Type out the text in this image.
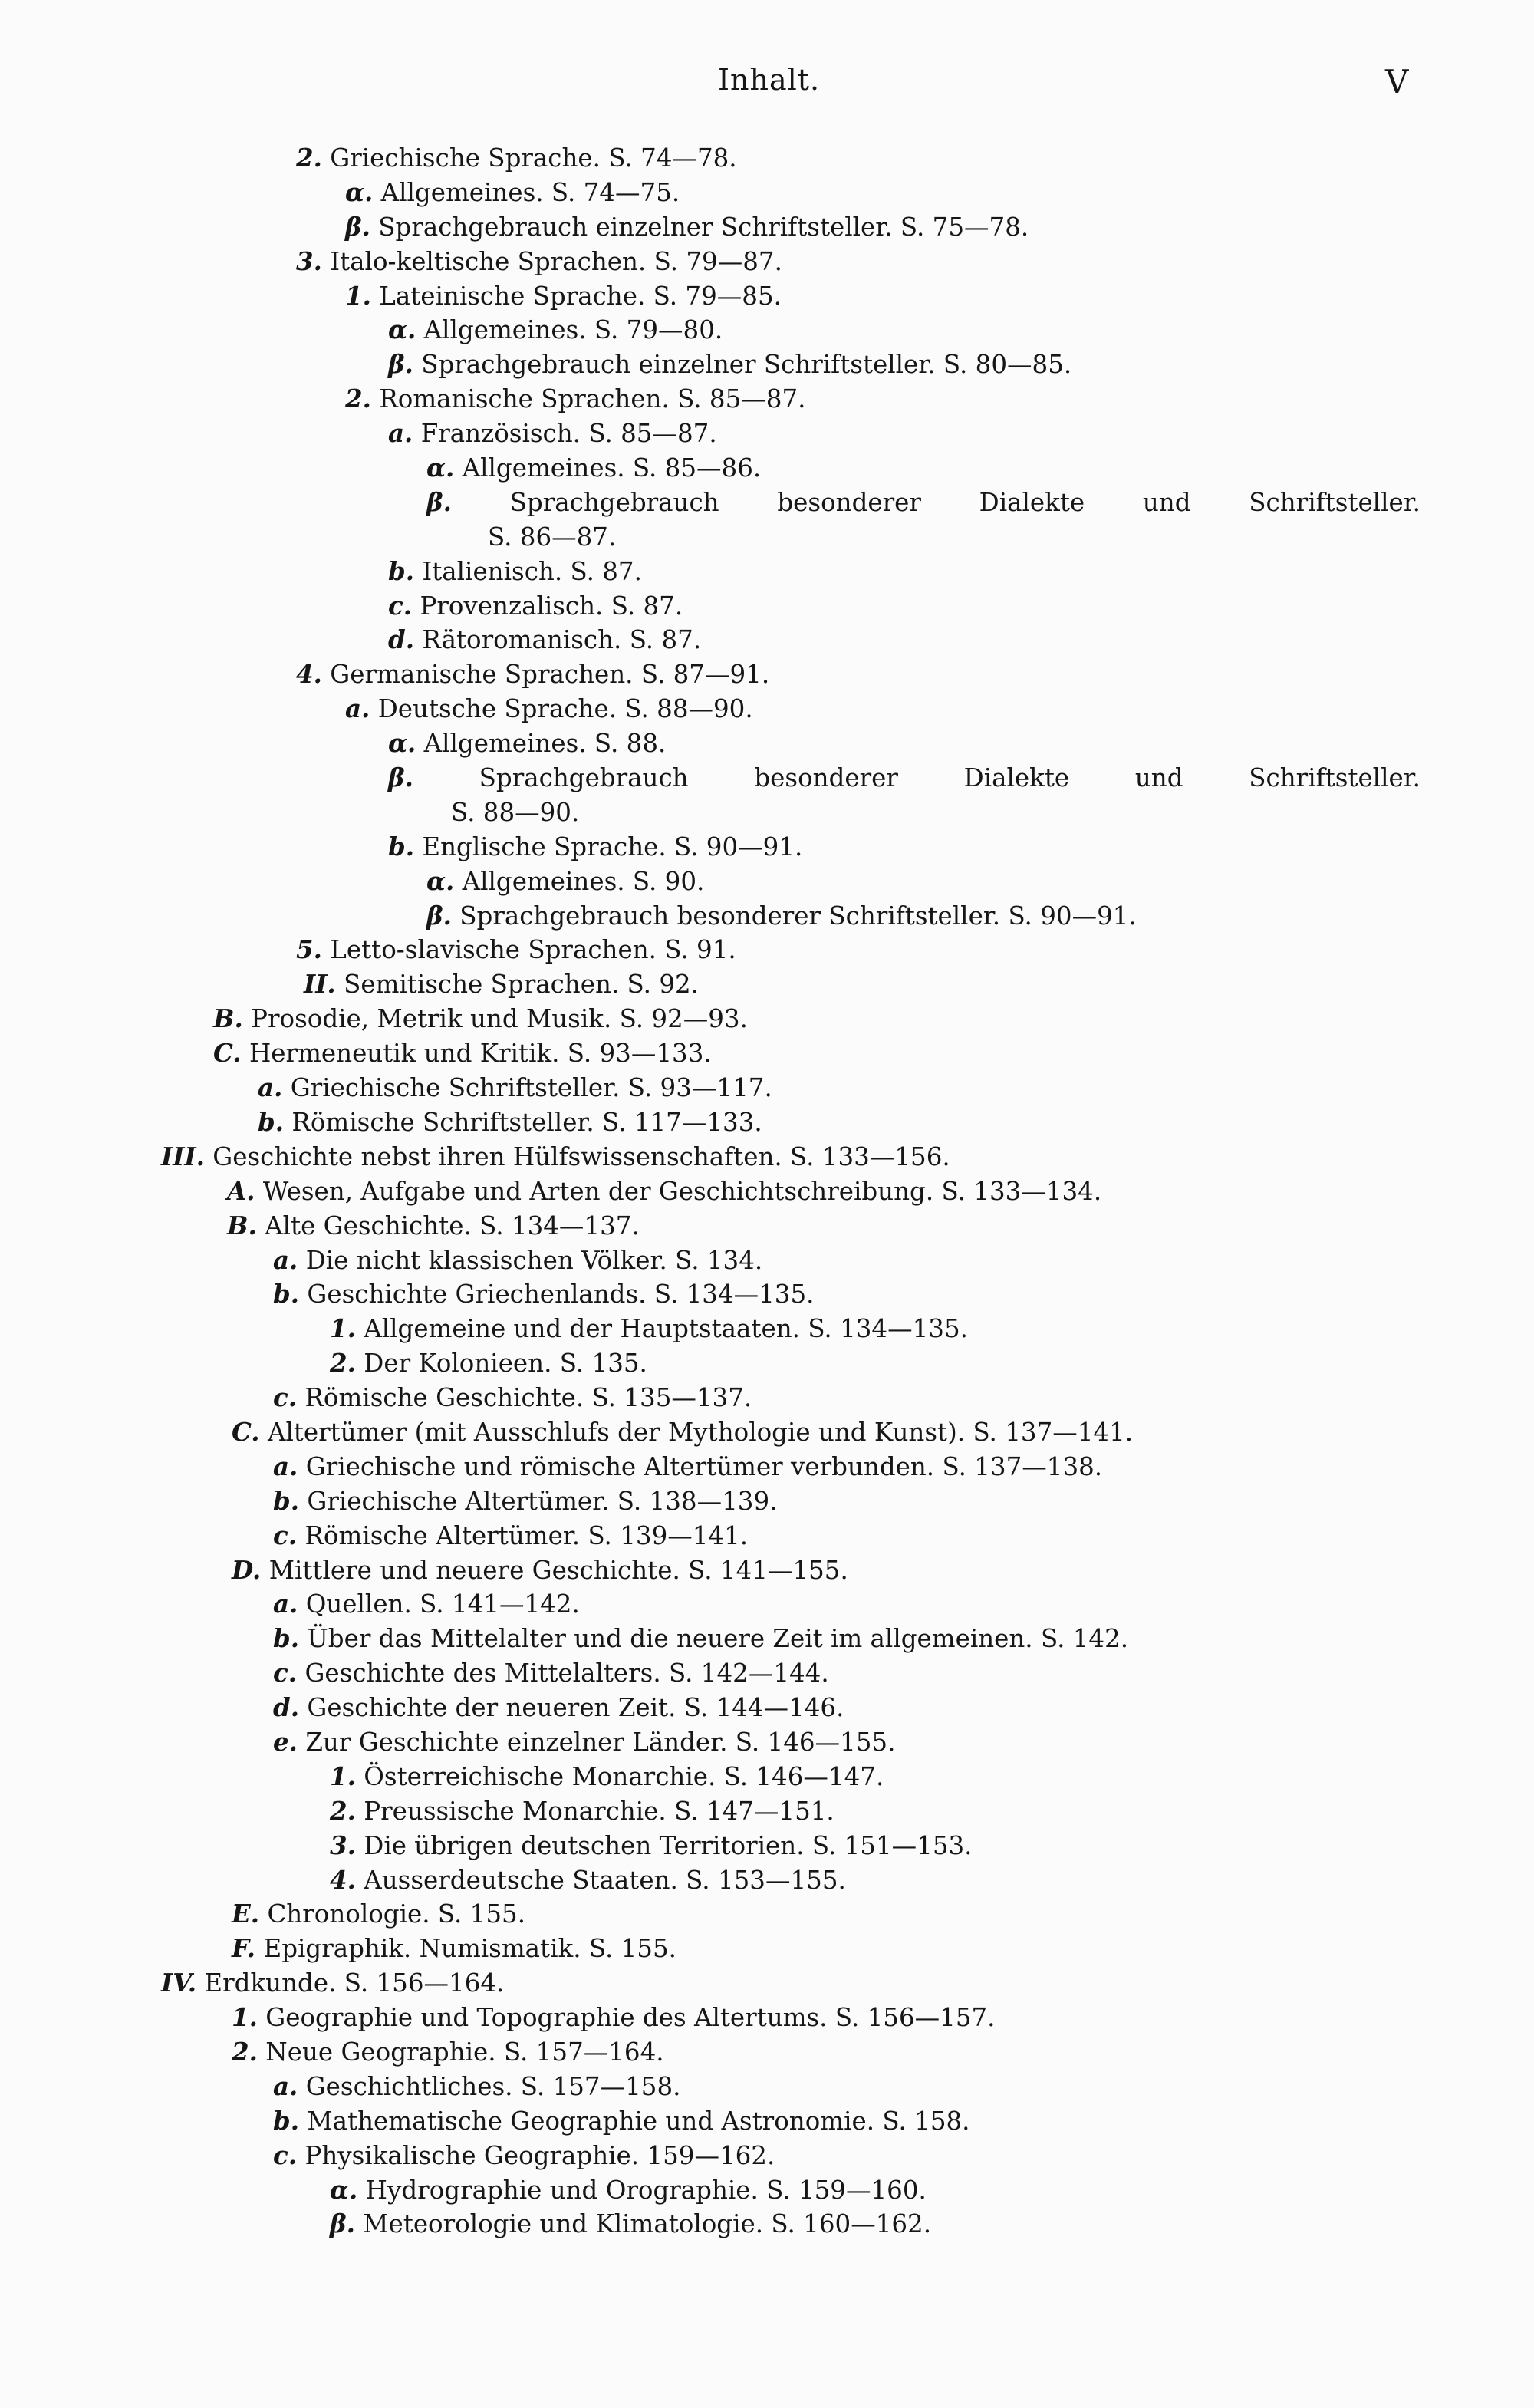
Inhalt.	V
2. Griechische Sprache. S. 74—78.
α. Allgemeines. S. 74—75.
β. Sprachgebrauch einzelner Schriftsteller. S. 75—78.
3. Italo-keltische Sprachen. S. 79—87.
1. Lateinische Sprache. S. 79—85.
α. Allgemeines. S. 79—80.
β. Sprachgebrauch einzelner Schriftsteller. S. 80—85.
2. Romanische Sprachen. S. 85—87.
a. Französisch. S. 85—87.
α. Allgemeines. S. 85—86.
β. Sprachgebrauch besonderer Dialekte und Schriftsteller.
S. 86—87.
b. Italienisch. S. 87.
c. Provenzalisch. S. 87.
d. Rätoromanisch. S. 87.
4. Germanische Sprachen. S. 87—91.
a. Deutsche Sprache. S. 88—90.
α. Allgemeines. S. 88.
β.	Sprachgebrauch besonderer Dialekte und Schriftsteller.
S. 88—90.
b. Englische Sprache. S. 90—91.
α. Allgemeines. S. 90.
β. Sprachgebrauch besonderer Schriftsteller. S. 90—91.
5. Letto-slavische Sprachen. S. 91.
II. Semitische Sprachen. S. 92.
B. Prosodie, Metrik und Musik. S. 92—93.
C. Hermeneutik und Kritik. S. 93—133.
a. Griechische Schriftsteller. S. 93—117.
b. Römische Schriftsteller. S. 117—133.
III. Geschichte nebst ihren Hülfswissenschaften. S. 133—156.
A. Wesen, Aufgabe und Arten der Geschichtschreibung. S. 133—134.
B. Alte Geschichte. S. 134—137.
a. Die nicht klassischen Völker. S. 134.
b. Geschichte Griechenlands. S. 134—135.
1. Allgemeine und der Hauptstaaten. S. 134—135.
2. Der Kolonieen. S. 135.
c. Römische Geschichte. S. 135—137.
C. Altertümer (mit Ausschlufs der Mythologie und Kunst). S. 137—141.
a. Griechische und römische Altertümer verbunden. S. 137—138.
b. Griechische Altertümer. S. 138—139.
c. Römische Altertümer. S. 139—141.
D. Mittlere und neuere Geschichte. S. 141—155.
a. Quellen. S. 141—142.
b. Über das Mittelalter und die neuere Zeit im allgemeinen. S. 142.
c. Geschichte des Mittelalters. S. 142—144.
d. Geschichte der neueren Zeit. S. 144—146.
e. Zur Geschichte einzelner Länder. S. 146—155.
1. Österreichische Monarchie. S. 146—147.
2. Preussische Monarchie. S. 147—151.
3. Die übrigen deutschen Territorien. S. 151—153.
4. Ausserdeutsche Staaten. S. 153—155.
E. Chronologie. S. 155.
F. Epigraphik. Numismatik. S. 155.
IV. Erdkunde. S. 156—164.
1. Geographie und Topographie des Altertums. S. 156—157.
2. Neue Geographie. S. 157—164.
a. Geschichtliches. S. 157—158.
b. Mathematische Geographie und Astronomie. S. 158.
c. Physikalische Geographie. 159—162.
α. Hydrographie und Orographie. S. 159—160.
β. Meteorologie und Klimatologie. S. 160—162.
